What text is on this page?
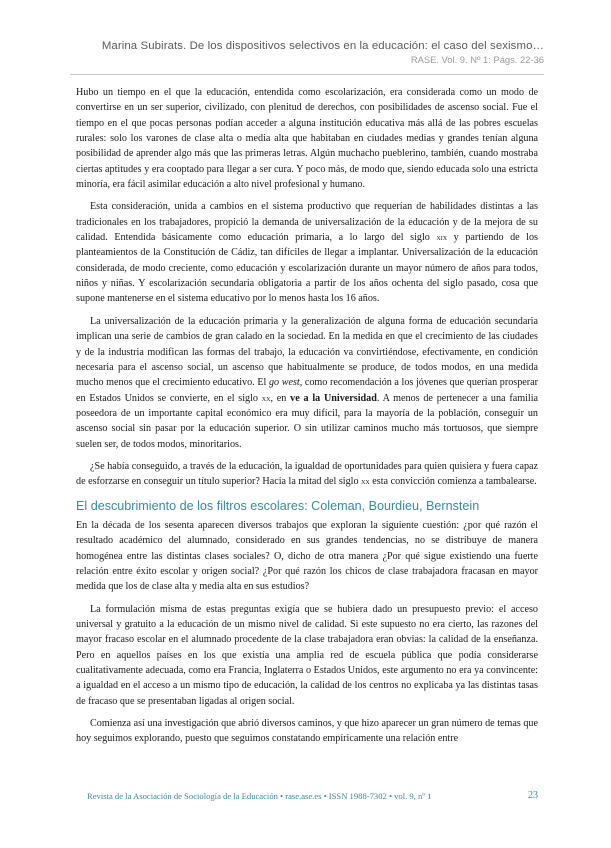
Marina Subirats. De los dispositivos selectivos en la educación: el caso del sexismo…
RASE. Vol. 9. Nº 1: Págs. 22-36

Hubo un tiempo en el que la educación, entendida como escolarización, era considerada como un modo de convertirse en un ser superior, civilizado, con plenitud de derechos, con posibilidades de ascenso social. Fue el tiempo en el que pocas personas podían acceder a alguna institución educativa más allá de las pobres escuelas rurales: solo los varones de clase alta o media alta que habitaban en ciudades medias y grandes tenían alguna posibilidad de aprender algo más que las primeras letras. Algún muchacho pueblerino, también, cuando mostraba ciertas aptitudes y era cooptado para llegar a ser cura. Y poco más, de modo que, siendo educada solo una estricta minoría, era fácil asimilar educación a alto nivel profesional y humano.

Esta consideración, unida a cambios en el sistema productivo que requerían de habilidades distintas a las tradicionales en los trabajadores, propició la demanda de universalización de la educación y de la mejora de su calidad. Entendida básicamente como educación primaria, a lo largo del siglo xix y partiendo de los planteamientos de la Constitución de Cádiz, tan difíciles de llegar a implantar. Universalización de la educación considerada, de modo creciente, como educación y escolarización durante un mayor número de años para todos, niños y niñas. Y escolarización secundaria obligatoria a partir de los años ochenta del siglo pasado, cosa que supone mantenerse en el sistema educativo por lo menos hasta los 16 años.

La universalización de la educación primaria y la generalización de alguna forma de educación secundaria implican una serie de cambios de gran calado en la sociedad. En la medida en que el crecimiento de las ciudades y de la industria modifican las formas del trabajo, la educación va convirtiéndose, efectivamente, en condición necesaria para el ascenso social, un ascenso que habitualmente se produce, de todos modos, en una medida mucho menos que el crecimiento educativo. El go west, como recomendación a los jóvenes que querían prosperar en Estados Unidos se convierte, en el siglo xx, en ve a la Universidad. A menos de pertenecer a una familia poseedora de un importante capital económico era muy difícil, para la mayoría de la población, conseguir un ascenso social sin pasar por la educación superior. O sin utilizar caminos mucho más tortuosos, que siempre suelen ser, de todos modos, minoritarios.

¿Se había conseguido, a través de la educación, la igualdad de oportunidades para quien quisiera y fuera capaz de esforzarse en conseguir un título superior? Hacia la mitad del siglo xx esta convicción comienza a tambalearse.

El descubrimiento de los filtros escolares: Coleman, Bourdieu, Bernstein

En la década de los sesenta aparecen diversos trabajos que exploran la siguiente cuestión: ¿por qué razón el resultado académico del alumnado, considerado en sus grandes tendencias, no se distribuye de manera homogénea entre las distintas clases sociales? O, dicho de otra manera ¿Por qué sigue existiendo una fuerte relación entre éxito escolar y origen social? ¿Por qué razón los chicos de clase trabajadora fracasan en mayor medida que los de clase alta y media alta en sus estudios?

La formulación misma de estas preguntas exigía que se hubiera dado un presupuesto previo: el acceso universal y gratuito a la educación de un mismo nivel de calidad. Si este supuesto no era cierto, las razones del mayor fracaso escolar en el alumnado procedente de la clase trabajadora eran obvias: la calidad de la enseñanza. Pero en aquellos países en los que existía una amplia red de escuela pública que podía considerarse cualitativamente adecuada, como era Francia, Inglaterra o Estados Unidos, este argumento no era ya convincente: a igualdad en el acceso a un mismo tipo de educación, la calidad de los centros no explicaba ya las distintas tasas de fracaso que se presentaban ligadas al origen social.

Comienza así una investigación que abrió diversos caminos, y que hizo aparecer un gran número de temas que hoy seguimos explorando, puesto que seguimos constatando empíricamente una relación entre

Revista de la Asociación de Sociología de la Educación • rase.ase.es • ISSN 1988-7302 • vol. 9, nº 1	23
